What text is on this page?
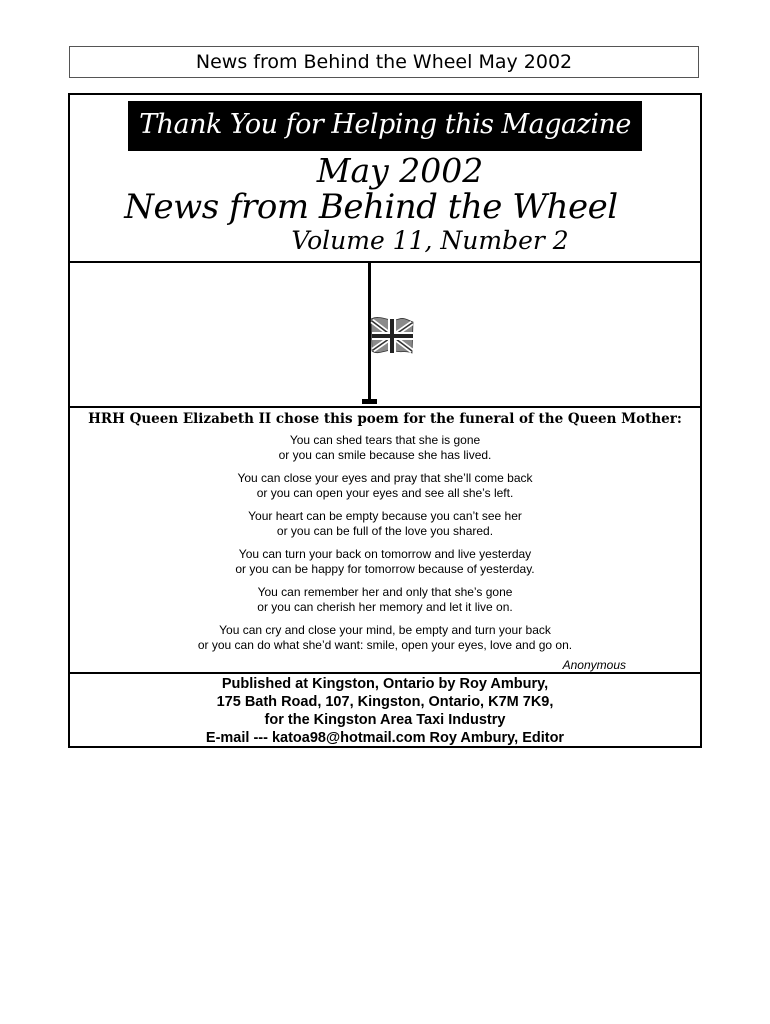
News from Behind the Wheel May 2002
Thank You for Helping this Magazine
May 2002
News from Behind the Wheel
Volume 11, Number 2
HRH Queen Elizabeth II chose this poem for the funeral of the Queen Mother:
You can shed tears that she is gone
or you can smile because she has lived.
You can close your eyes and pray that she’ll come back
or you can open your eyes and see all she’s left.
Your heart can be empty because you can’t see her
or you can be full of the love you shared.
You can turn your back on tomorrow and live yesterday
or you can be happy for tomorrow because of yesterday.
You can remember her and only that she’s gone
or you can cherish her memory and let it live on.
You can cry and close your mind, be empty and turn your back
or you can do what she’d want: smile, open your eyes, love and go on.
Anonymous
Published at Kingston, Ontario by Roy Ambury,
175 Bath Road, 107, Kingston, Ontario, K7M 7K9,
for the Kingston Area Taxi Industry
E-mail --- katoa98@hotmail.com Roy Ambury, Editor
